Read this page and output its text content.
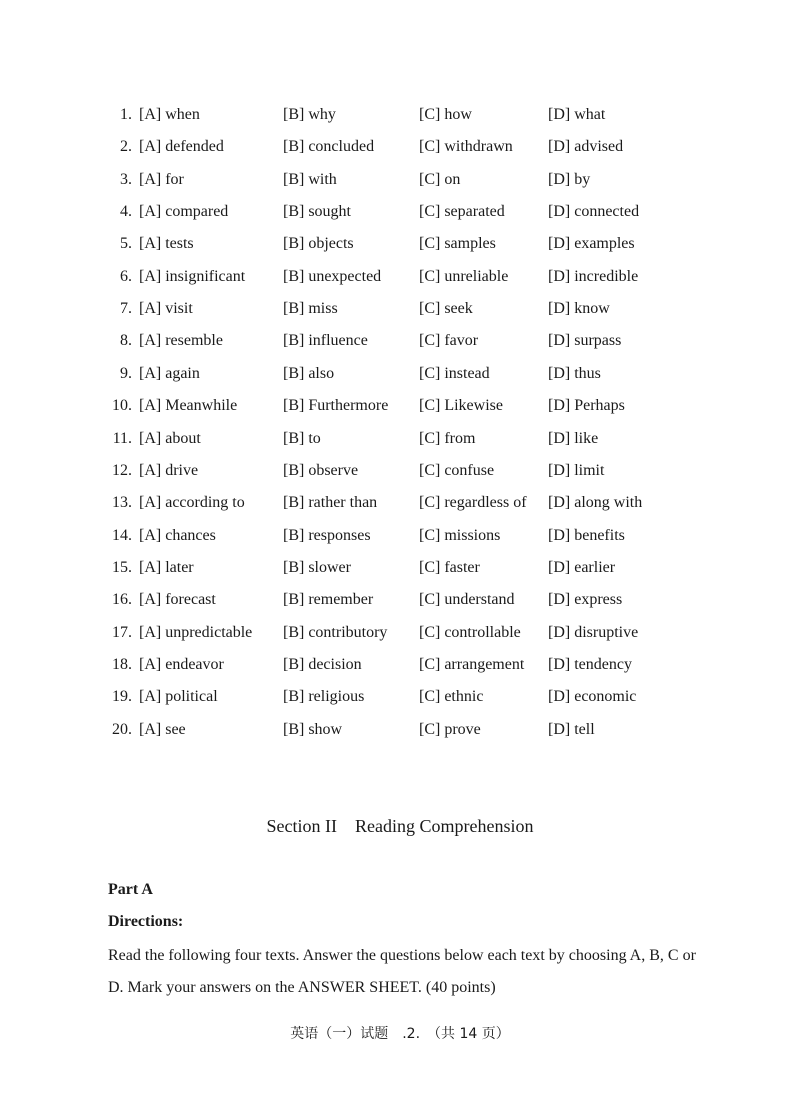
1. [A] when	[B] why	[C] how	[D] what
2. [A] defended	[B] concluded	[C] withdrawn [D] advised
3. [A] for	[B] with	[C] on	[D] by
4. [A] compared	[B] sought	[C] separated	[D] connected
5. [A] tests	[B] objects	[C] samples	[D] examples
6. [A] insignificant [B] unexpected [C] unreliable [D] incredible
7. [A] visit	[B] miss	[C] seek	[D] know
8. [A] resemble	[B] influence	[C] favor	[D] surpass
9. [A] again	[B] also	[C] instead	[D] thus
10. [A] Meanwhile	[B] Furthermore [C] Likewise	[D] Perhaps
11. [A] about	[B] to	[C] from	[D] like
12. [A] drive	[B] observe	[C] confuse	[D] limit
13. [A] according to [B] rather than	[C] regardless of [D] along with
14. [A] chances	[B] responses	[C] missions	[D] benefits
15. [A] later	[B] slower	[C] faster	[D] earlier
16. [A] forecast	[B] remember	[C] understand [D] express
17. [A] unpredictable [B] contributory [C] controllable [D] disruptive
18. [A] endeavor	[B] decision	[C] arrangement [D] tendency
19. [A] political	[B] religious	[C] ethnic	[D] economic
20. [A] see	[B] show	[C] prove	[D] tell
Section II Reading Comprehension
Part A
Directions:
Read the following four texts. Answer the questions below each text by choosing A, B, C or D. Mark your answers on the ANSWER SHEET. (40 points)
英语（一）试题　.2.　（共 14 页）
